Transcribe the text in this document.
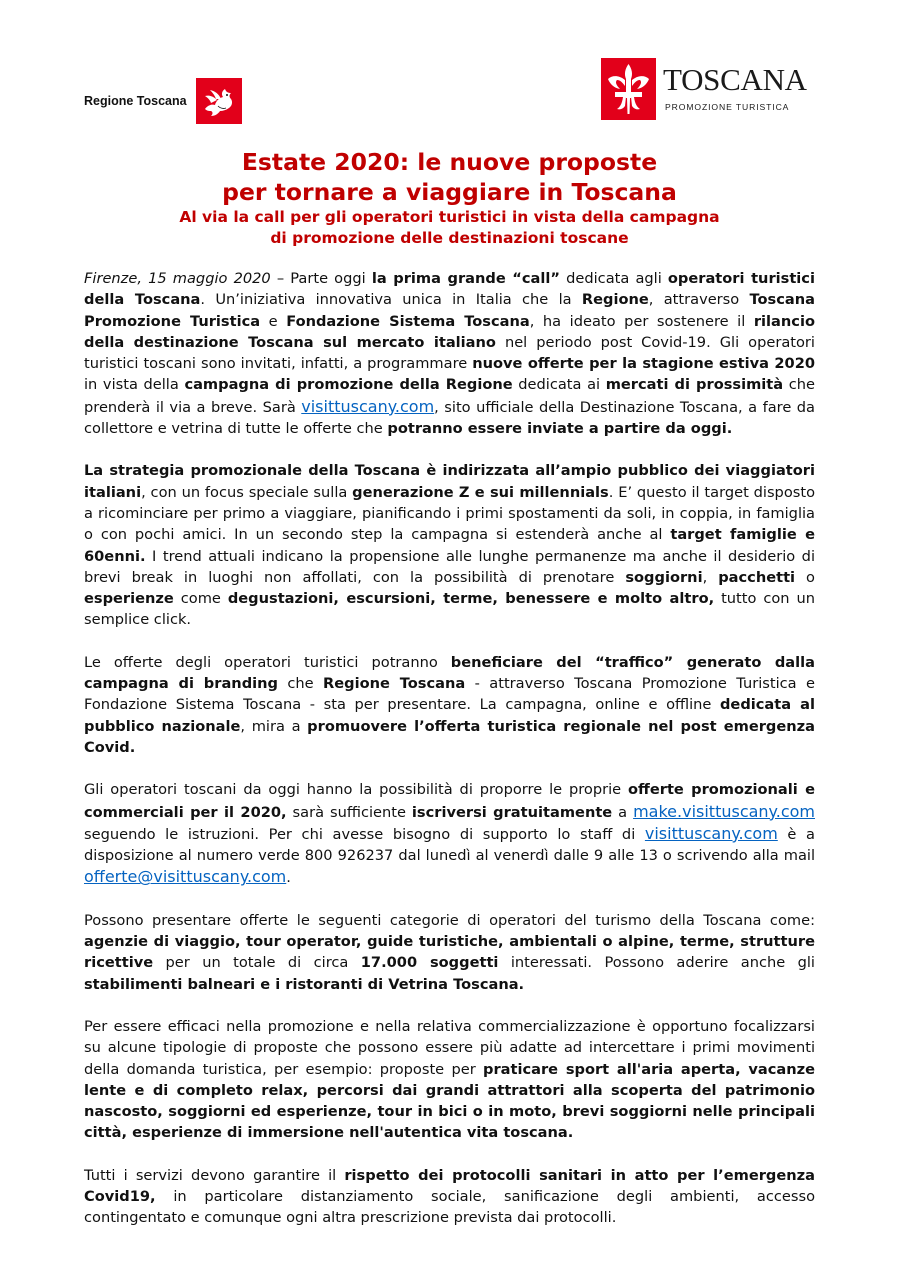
Regione Toscana
TOSCANA
PROMOZIONE TURISTICA
Estate 2020: le nuove proposte
per tornare a viaggiare in Toscana
Al via la call per gli operatori turistici in vista della campagna
di promozione delle destinazioni toscane

Firenze, 15 maggio 2020 – Parte oggi la prima grande “call” dedicata agli operatori turistici della Toscana. Un’iniziativa innovativa unica in Italia che la Regione, attraverso Toscana Promozione Turistica e Fondazione Sistema Toscana, ha ideato per sostenere il rilancio della destinazione Toscana sul mercato italiano nel periodo post Covid-19. Gli operatori turistici toscani sono invitati, infatti, a programmare nuove offerte per la stagione estiva 2020 in vista della campagna di promozione della Regione dedicata ai mercati di prossimità che prenderà il via a breve. Sarà visittuscany.com, sito ufficiale della Destinazione Toscana, a fare da collettore e vetrina di tutte le offerte che potranno essere inviate a partire da oggi.

La strategia promozionale della Toscana è indirizzata all’ampio pubblico dei viaggiatori italiani, con un focus speciale sulla generazione Z e sui millennials. E’ questo il target disposto a ricominciare per primo a viaggiare, pianificando i primi spostamenti da soli, in coppia, in famiglia o con pochi amici. In un secondo step la campagna si estenderà anche al target famiglie e 60enni. I trend attuali indicano la propensione alle lunghe permanenze ma anche il desiderio di brevi break in luoghi non affollati, con la possibilità di prenotare soggiorni, pacchetti o esperienze come degustazioni, escursioni, terme, benessere e molto altro, tutto con un semplice click.

Le offerte degli operatori turistici potranno beneficiare del “traffico” generato dalla campagna di branding che Regione Toscana - attraverso Toscana Promozione Turistica e Fondazione Sistema Toscana - sta per presentare. La campagna, online e offline dedicata al pubblico nazionale, mira a promuovere l’offerta turistica regionale nel post emergenza Covid.

Gli operatori toscani da oggi hanno la possibilità di proporre le proprie offerte promozionali e commerciali per il 2020, sarà sufficiente iscriversi gratuitamente a make.visittuscany.com seguendo le istruzioni. Per chi avesse bisogno di supporto lo staff di visittuscany.com è a disposizione al numero verde 800 926237 dal lunedì al venerdì dalle 9 alle 13 o scrivendo alla mail offerte@visittuscany.com.

Possono presentare offerte le seguenti categorie di operatori del turismo della Toscana come: agenzie di viaggio, tour operator, guide turistiche, ambientali o alpine, terme, strutture ricettive per un totale di circa 17.000 soggetti interessati. Possono aderire anche gli stabilimenti balneari e i ristoranti di Vetrina Toscana.

Per essere efficaci nella promozione e nella relativa commercializzazione è opportuno focalizzarsi su alcune tipologie di proposte che possono essere più adatte ad intercettare i primi movimenti della domanda turistica, per esempio: proposte per praticare sport all'aria aperta, vacanze lente e di completo relax, percorsi dai grandi attrattori alla scoperta del patrimonio nascosto, soggiorni ed esperienze, tour in bici o in moto, brevi soggiorni nelle principali città, esperienze di immersione nell'autentica vita toscana.

Tutti i servizi devono garantire il rispetto dei protocolli sanitari in atto per l’emergenza Covid19, in particolare distanziamento sociale, sanificazione degli ambienti, accesso contingentato e comunque ogni altra prescrizione prevista dai protocolli.
